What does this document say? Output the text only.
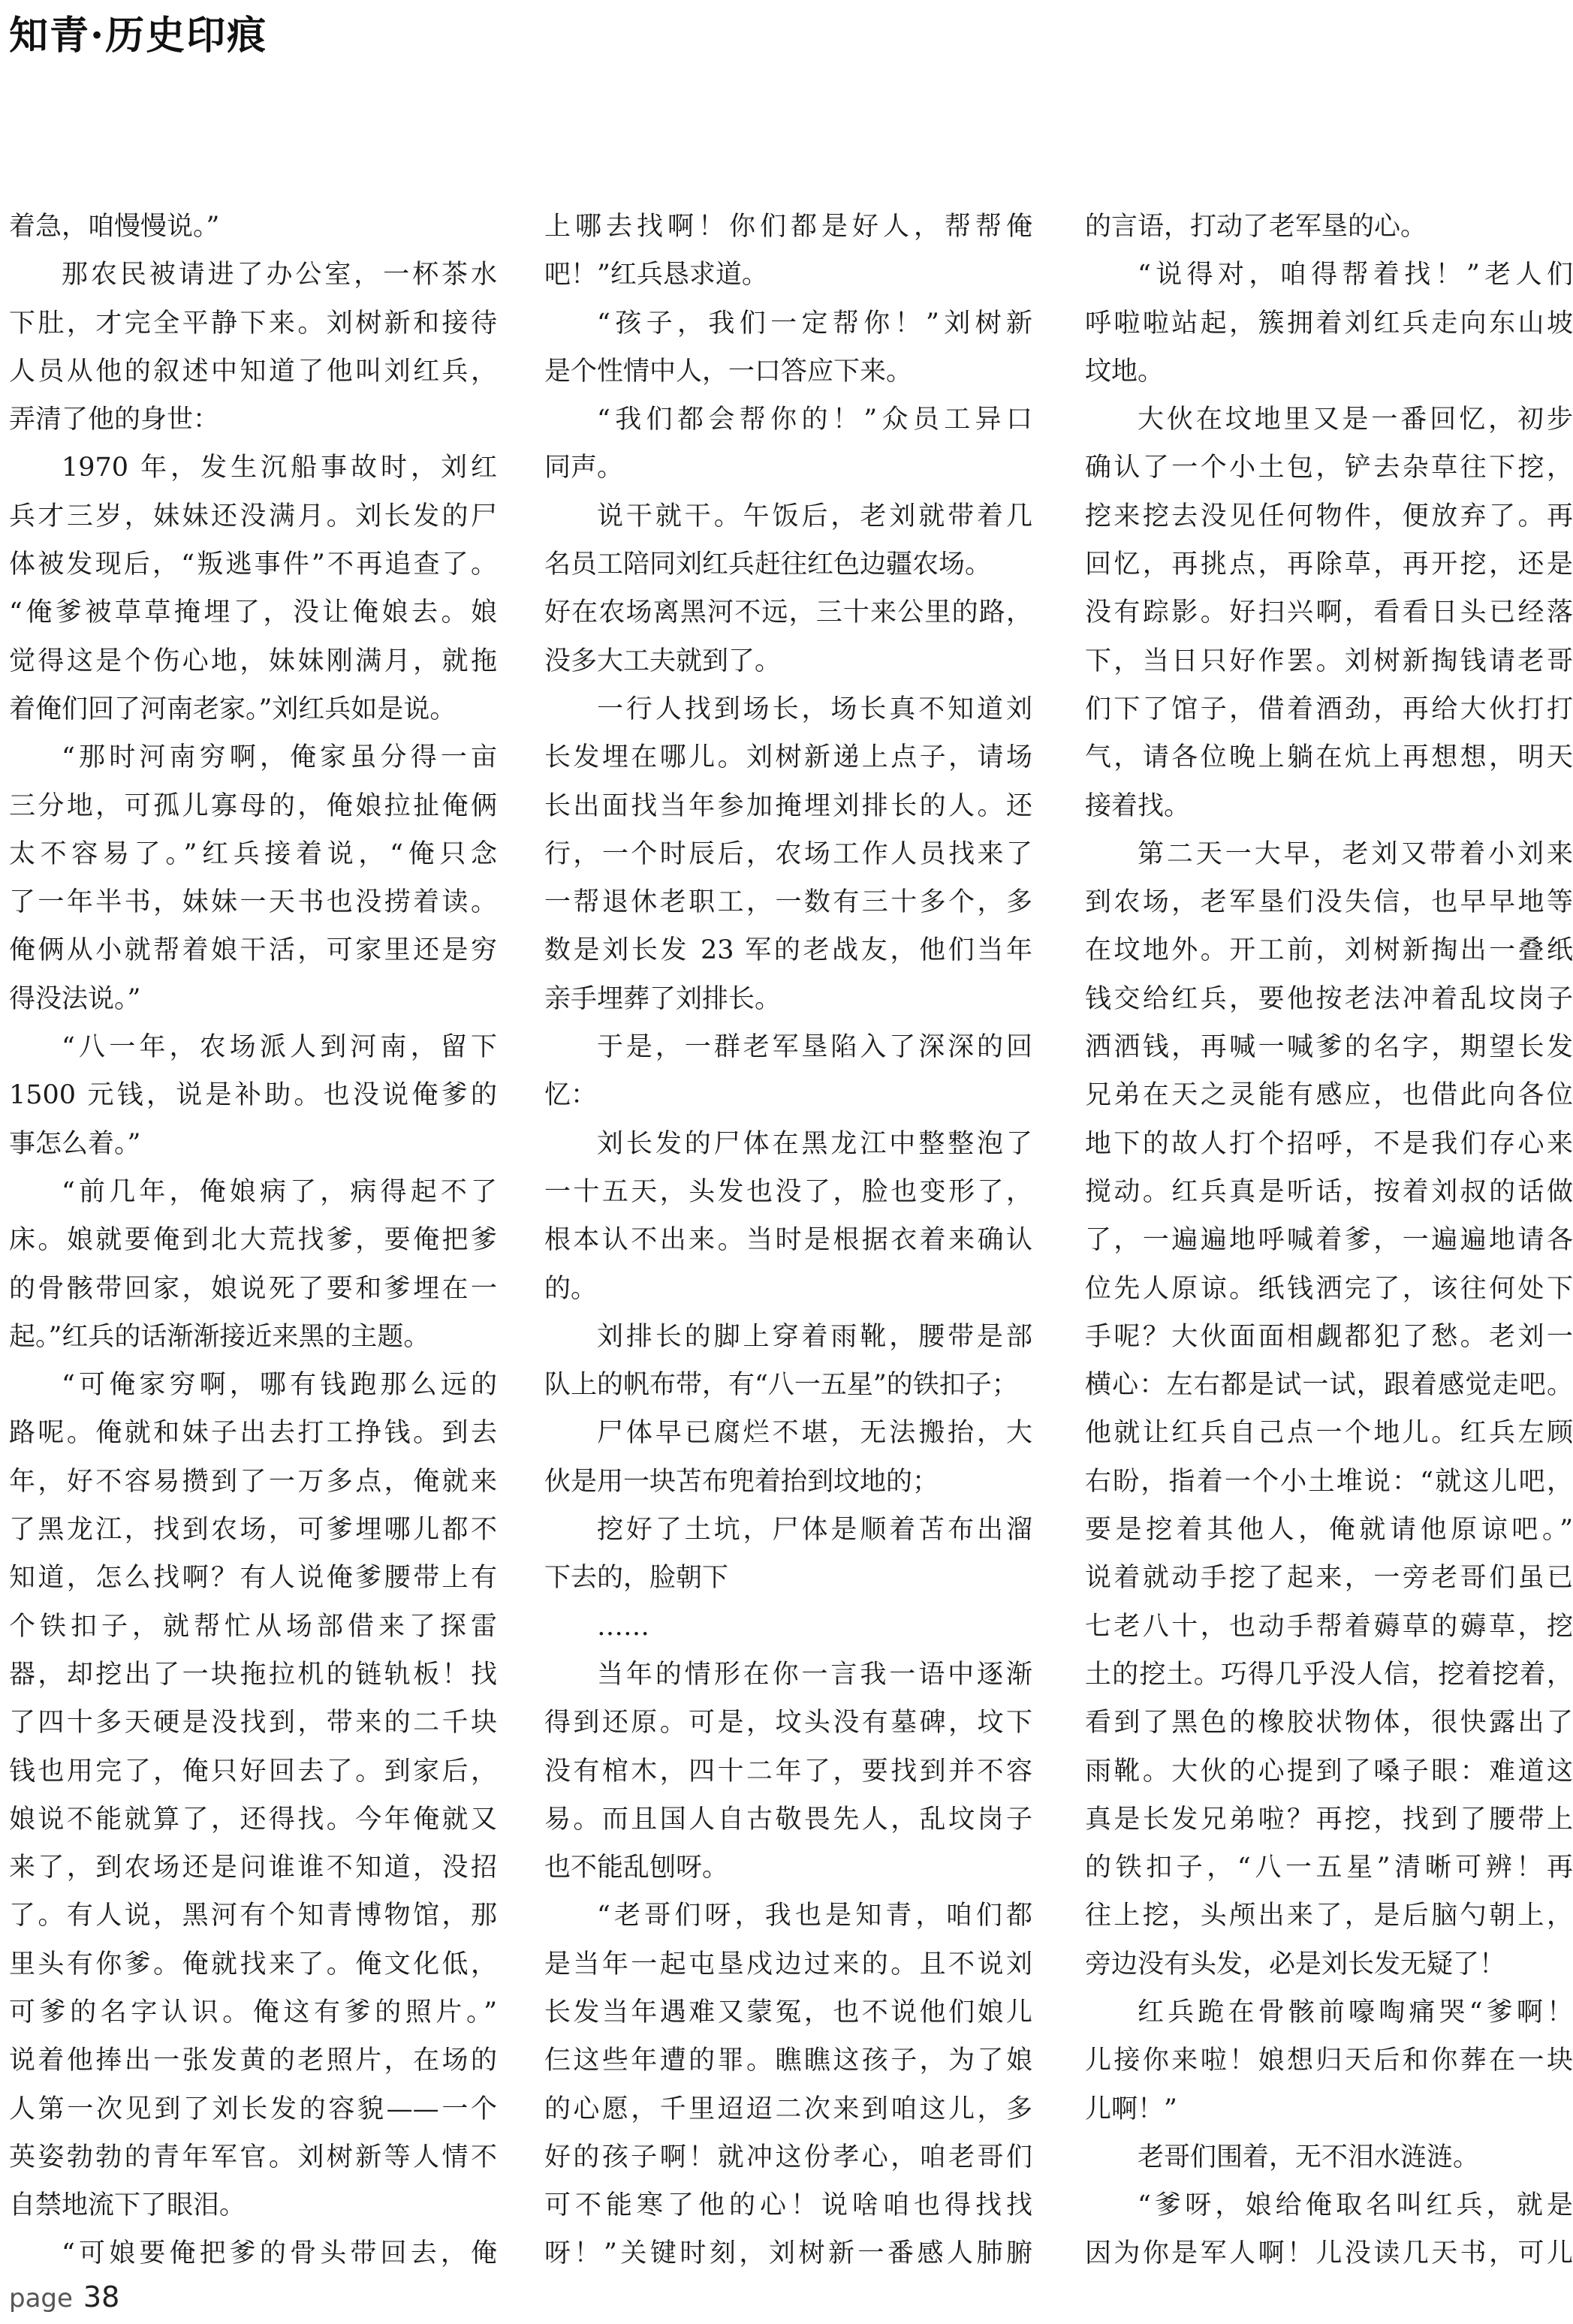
知青·历史印痕
着急，咱慢慢说。”
那农民被请进了办公室，一杯茶水
下肚，才完全平静下来。刘树新和接待
人员从他的叙述中知道了他叫刘红兵，
弄清了他的身世：
1970 年，发生沉船事故时，刘红
兵才三岁，妹妹还没满月。刘长发的尸
体被发现后，“叛逃事件”不再追查了。
“俺爹被草草掩埋了，没让俺娘去。娘
觉得这是个伤心地，妹妹刚满月，就拖
着俺们回了河南老家。”刘红兵如是说。
“那时河南穷啊，俺家虽分得一亩
三分地，可孤儿寡母的，俺娘拉扯俺俩
太不容易了。”红兵接着说，“俺只念
了一年半书，妹妹一天书也没捞着读。
俺俩从小就帮着娘干活，可家里还是穷
得没法说。”
“八一年，农场派人到河南，留下
1500 元钱，说是补助。也没说俺爹的
事怎么着。”
“前几年，俺娘病了，病得起不了
床。娘就要俺到北大荒找爹，要俺把爹
的骨骸带回家，娘说死了要和爹埋在一
起。”红兵的话渐渐接近来黑的主题。
“可俺家穷啊，哪有钱跑那么远的
路呢。俺就和妹子出去打工挣钱。到去
年，好不容易攒到了一万多点，俺就来
了黑龙江，找到农场，可爹埋哪儿都不
知道，怎么找啊？有人说俺爹腰带上有
个铁扣子，就帮忙从场部借来了探雷
器，却挖出了一块拖拉机的链轨板！找
了四十多天硬是没找到，带来的二千块
钱也用完了，俺只好回去了。到家后，
娘说不能就算了，还得找。今年俺就又
来了，到农场还是问谁谁不知道，没招
了。有人说，黑河有个知青博物馆，那
里头有你爹。俺就找来了。俺文化低，
可爹的名字认识。俺这有爹的照片。”
说着他捧出一张发黄的老照片，在场的
人第一次见到了刘长发的容貌——一个
英姿勃勃的青年军官。刘树新等人情不
自禁地流下了眼泪。
“可娘要俺把爹的骨头带回去，俺
上哪去找啊！你们都是好人，帮帮俺
吧！”红兵恳求道。
“孩子，我们一定帮你！”刘树新
是个性情中人，一口答应下来。
“我们都会帮你的！”众员工异口
同声。
说干就干。午饭后，老刘就带着几
名员工陪同刘红兵赶往红色边疆农场。
好在农场离黑河不远，三十来公里的路，
没多大工夫就到了。
一行人找到场长，场长真不知道刘
长发埋在哪儿。刘树新递上点子，请场
长出面找当年参加掩埋刘排长的人。还
行，一个时辰后，农场工作人员找来了
一帮退休老职工，一数有三十多个，多
数是刘长发 23 军的老战友，他们当年
亲手埋葬了刘排长。
于是，一群老军垦陷入了深深的回
忆：
刘长发的尸体在黑龙江中整整泡了
一十五天，头发也没了，脸也变形了，
根本认不出来。当时是根据衣着来确认
的。
刘排长的脚上穿着雨靴，腰带是部
队上的帆布带，有“八一五星”的铁扣子；
尸体早已腐烂不堪，无法搬抬，大
伙是用一块苫布兜着抬到坟地的；
挖好了土坑，尸体是顺着苫布出溜
下去的，脸朝下
……
当年的情形在你一言我一语中逐渐
得到还原。可是，坟头没有墓碑，坟下
没有棺木，四十二年了，要找到并不容
易。而且国人自古敬畏先人，乱坟岗子
也不能乱刨呀。
“老哥们呀，我也是知青，咱们都
是当年一起屯垦戍边过来的。且不说刘
长发当年遇难又蒙冤，也不说他们娘儿
仨这些年遭的罪。瞧瞧这孩子，为了娘
的心愿，千里迢迢二次来到咱这儿，多
好的孩子啊！就冲这份孝心，咱老哥们
可不能寒了他的心！说啥咱也得找找
呀！”关键时刻，刘树新一番感人肺腑
的言语，打动了老军垦的心。
“说得对，咱得帮着找！”老人们
呼啦啦站起，簇拥着刘红兵走向东山坡
坟地。
大伙在坟地里又是一番回忆，初步
确认了一个小土包，铲去杂草往下挖，
挖来挖去没见任何物件，便放弃了。再
回忆，再挑点，再除草，再开挖，还是
没有踪影。好扫兴啊，看看日头已经落
下，当日只好作罢。刘树新掏钱请老哥
们下了馆子，借着酒劲，再给大伙打打
气，请各位晚上躺在炕上再想想，明天
接着找。
第二天一大早，老刘又带着小刘来
到农场，老军垦们没失信，也早早地等
在坟地外。开工前，刘树新掏出一叠纸
钱交给红兵，要他按老法冲着乱坟岗子
洒洒钱，再喊一喊爹的名字，期望长发
兄弟在天之灵能有感应，也借此向各位
地下的故人打个招呼，不是我们存心来
搅动。红兵真是听话，按着刘叔的话做
了，一遍遍地呼喊着爹，一遍遍地请各
位先人原谅。纸钱洒完了，该往何处下
手呢？大伙面面相觑都犯了愁。老刘一
横心：左右都是试一试，跟着感觉走吧。
他就让红兵自己点一个地儿。红兵左顾
右盼，指着一个小土堆说：“就这儿吧，
要是挖着其他人，俺就请他原谅吧。”
说着就动手挖了起来，一旁老哥们虽已
七老八十，也动手帮着薅草的薅草，挖
土的挖土。巧得几乎没人信，挖着挖着，
看到了黑色的橡胶状物体，很快露出了
雨靴。大伙的心提到了嗓子眼：难道这
真是长发兄弟啦？再挖，找到了腰带上
的铁扣子，“八一五星”清晰可辨！再
往上挖，头颅出来了，是后脑勺朝上，
旁边没有头发，必是刘长发无疑了！
红兵跪在骨骸前嚎啕痛哭“爹啊！
儿接你来啦！娘想归天后和你葬在一块
儿啊！”
老哥们围着，无不泪水涟涟。
“爹呀，娘给俺取名叫红兵，就是
因为你是军人啊！儿没读几天书，可儿
page 38
